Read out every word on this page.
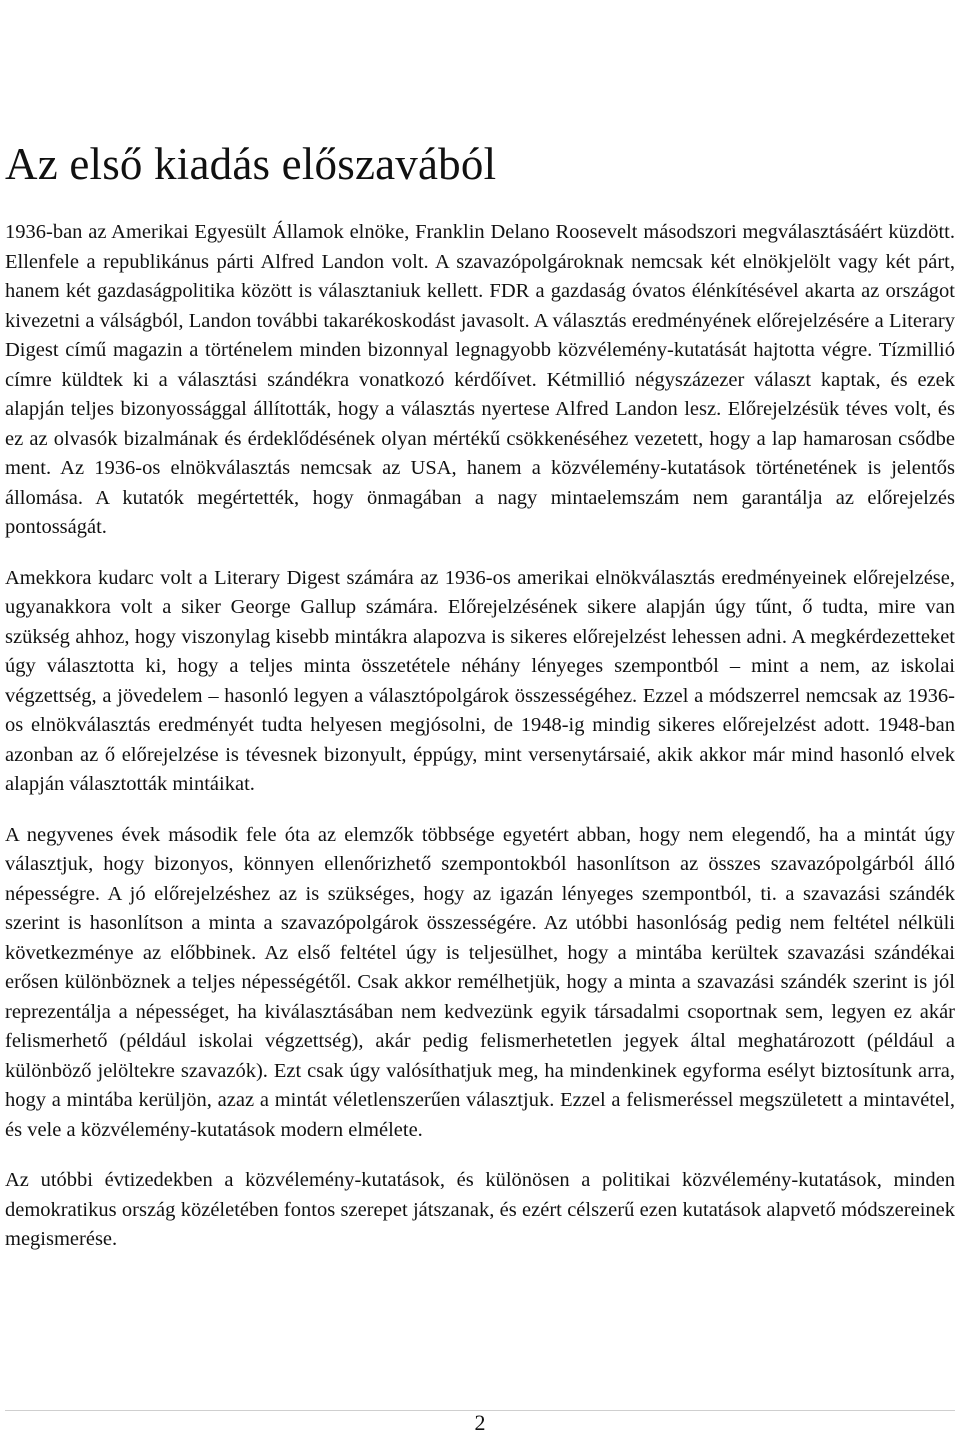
Az első kiadás előszavából

1936-ban az Amerikai Egyesült Államok elnöke, Franklin Delano Roosevelt másodszori megválasztásáért küzdött. Ellenfele a republikánus párti Alfred Landon volt. A szavazópolgároknak nemcsak két elnökjelölt vagy két párt, hanem két gazdaságpolitika között is választaniuk kellett. FDR a gazdaság óvatos élénkítésével akarta az országot kivezetni a válságból, Landon további takarékoskodást javasolt. A választás eredményének előrejelzésére a Literary Digest című magazin a történelem minden bizonnyal legnagyobb közvélemény-kutatását hajtotta végre. Tízmillió címre küldtek ki a választási szándékra vonatkozó kérdőívet. Kétmillió négyszázezer választ kaptak, és ezek alapján teljes bizonyossággal állították, hogy a választás nyertese Alfred Landon lesz. Előrejelzésük téves volt, és ez az olvasók bizalmának és érdeklődésének olyan mértékű csökkenéséhez vezetett, hogy a lap hamarosan csődbe ment. Az 1936-os elnökválasztás nemcsak az USA, hanem a közvélemény-kutatások történetének is jelentős állomása. A kutatók megértették, hogy önmagában a nagy mintaelemszám nem garantálja az előrejelzés pontosságát.

Amekkora kudarc volt a Literary Digest számára az 1936-os amerikai elnökválasztás eredményeinek előrejelzése, ugyanakkora volt a siker George Gallup számára. Előrejelzésének sikere alapján úgy tűnt, ő tudta, mire van szükség ahhoz, hogy viszonylag kisebb mintákra alapozva is sikeres előrejelzést lehessen adni. A megkérdezetteket úgy választotta ki, hogy a teljes minta összetétele néhány lényeges szempontból – mint a nem, az iskolai végzettség, a jövedelem – hasonló legyen a választópolgárok összességéhez. Ezzel a módszerrel nemcsak az 1936-os elnökválasztás eredményét tudta helyesen megjósolni, de 1948-ig mindig sikeres előrejelzést adott. 1948-ban azonban az ő előrejelzése is tévesnek bizonyult, éppúgy, mint versenytársaié, akik akkor már mind hasonló elvek alapján választották mintáikat.

A negyvenes évek második fele óta az elemzők többsége egyetért abban, hogy nem elegendő, ha a mintát úgy választjuk, hogy bizonyos, könnyen ellenőrizhető szempontokból hasonlítson az összes szavazópolgárból álló népességre. A jó előrejelzéshez az is szükséges, hogy az igazán lényeges szempontból, ti. a szavazási szándék szerint is hasonlítson a minta a szavazópolgárok összességére. Az utóbbi hasonlóság pedig nem feltétel nélküli következménye az előbbinek. Az első feltétel úgy is teljesülhet, hogy a mintába kerültek szavazási szándékai erősen különböznek a teljes népességétől. Csak akkor remélhetjük, hogy a minta a szavazási szándék szerint is jól reprezentálja a népességet, ha kiválasztásában nem kedvezünk egyik társadalmi csoportnak sem, legyen ez akár felismerhető (például iskolai végzettség), akár pedig felismerhetetlen jegyek által meghatározott (például a különböző jelöltekre szavazók). Ezt csak úgy valósíthatjuk meg, ha mindenkinek egyforma esélyt biztosítunk arra, hogy a mintába kerüljön, azaz a mintát véletlenszerűen választjuk. Ezzel a felismeréssel megszületett a mintavétel, és vele a közvélemény-kutatások modern elmélete.

Az utóbbi évtizedekben a közvélemény-kutatások, és különösen a politikai közvélemény-kutatások, minden demokratikus ország közéletében fontos szerepet játszanak, és ezért célszerű ezen kutatások alapvető módszereinek megismerése.

2
